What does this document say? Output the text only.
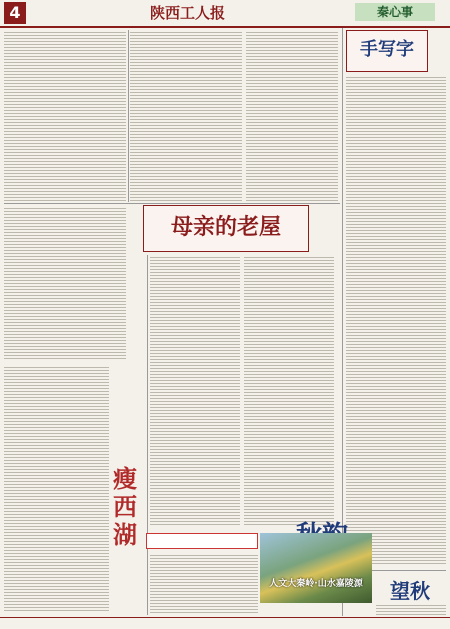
4	陕西工人报	秦心事
母亲的老屋
手写字
瘦西湖
望秋
人文大秦岭·山水嘉陵源
